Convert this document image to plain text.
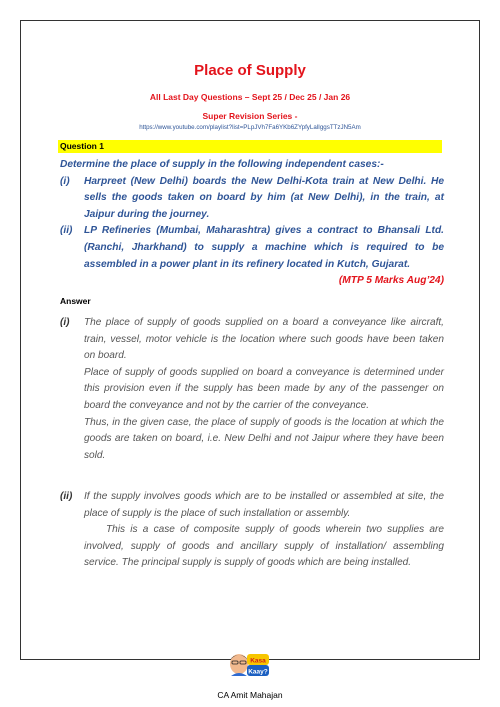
Place of Supply
All Last Day Questions – Sept 25 / Dec 25 / Jan 26
Super Revision Series -
https://www.youtube.com/playlist?list=PLpJVh7Fa6YKb6ZYpfyLalIggsTTzJN5Am
Question 1

Determine the place of supply in the following independent cases:-

(i)	Harpreet (New Delhi) boards the New Delhi-Kota train at New Delhi. He sells the goods taken on board by him (at New Delhi), in the train, at Jaipur during the journey.
(ii)	LP Refineries (Mumbai, Maharashtra) gives a contract to Bhansali Ltd. (Ranchi, Jharkhand) to supply a machine which is required to be assembled in a power plant in its refinery located in Kutch, Gujarat.
(MTP 5 Marks Aug’24)
Answer
(i)	The place of supply of goods supplied on a board a conveyance like aircraft, train, vessel, motor vehicle is the location where such goods have been taken on board.

Place of supply of goods supplied on board a conveyance is determined under this provision even if the supply has been made by any of the passenger on board the conveyance and not by the carrier of the conveyance.

Thus, in the given case, the place of supply of goods is the location at which the goods are taken on board, i.e. New Delhi and not Jaipur where they have been sold.

(ii)	If the supply involves goods which are to be installed or assembled at site, the place of supply is the place of such installation or assembly.

This is a case of composite supply of goods wherein two supplies are involved, supply of goods and ancillary supply of installation/ assembling service. The principal supply is supply of goods which are being installed.

Kasa
Kaay?
CA Amit Mahajan
